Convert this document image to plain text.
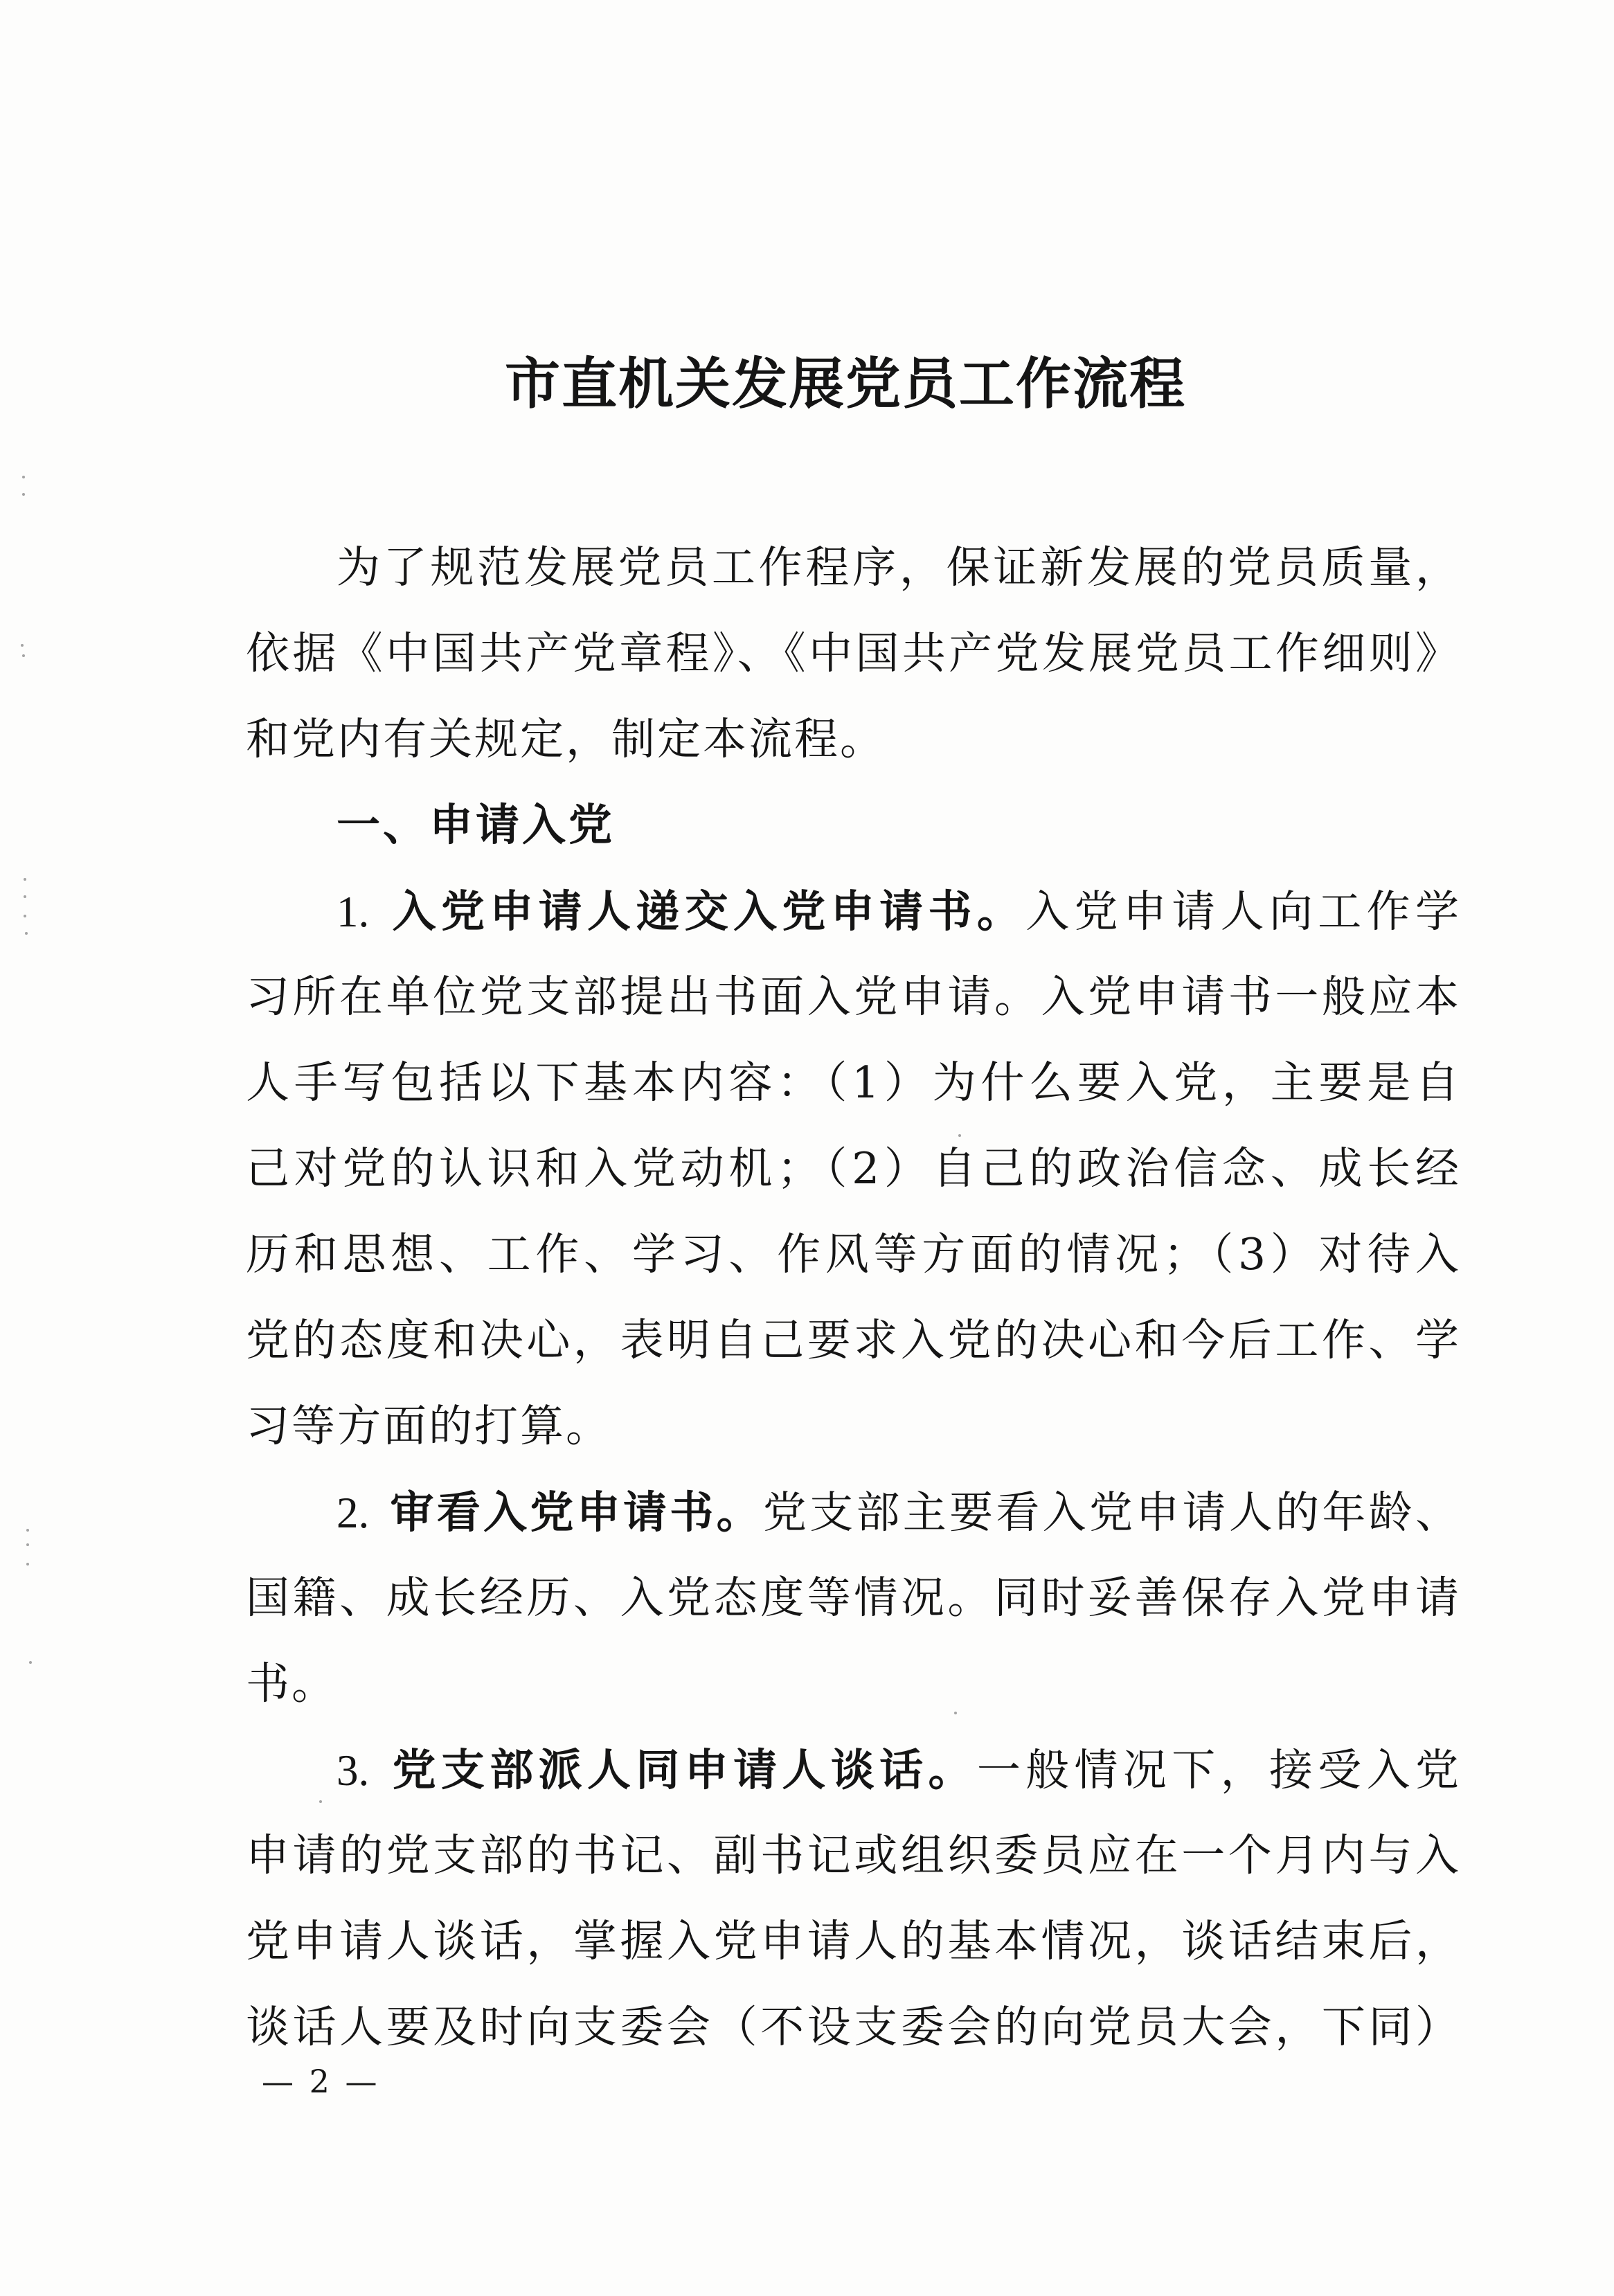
市直机关发展党员工作流程
为了规范发展党员工作程序，保证新发展的党员质量，
依据《中国共产党章程》、《中国共产党发展党员工作细则》
和党内有关规定，制定本流程。
一、申请入党
1. 入党申请人递交入党申请书。入党申请人向工作学
习所在单位党支部提出书面入党申请。入党申请书一般应本
人手写包括以下基本内容：（1）为什么要入党，主要是自
己对党的认识和入党动机；（2）自己的政治信念、成长经
历和思想、工作、学习、作风等方面的情况；（3）对待入
党的态度和决心，表明自己要求入党的决心和今后工作、学
习等方面的打算。
2. 审看入党申请书。党支部主要看入党申请人的年龄、
国籍、成长经历、入党态度等情况。同时妥善保存入党申请
书。
3. 党支部派人同申请人谈话。一般情况下，接受入党
申请的党支部的书记、副书记或组织委员应在一个月内与入
党申请人谈话，掌握入党申请人的基本情况，谈话结束后，
谈话人要及时向支委会（不设支委会的向党员大会，下同）
— 2 —
